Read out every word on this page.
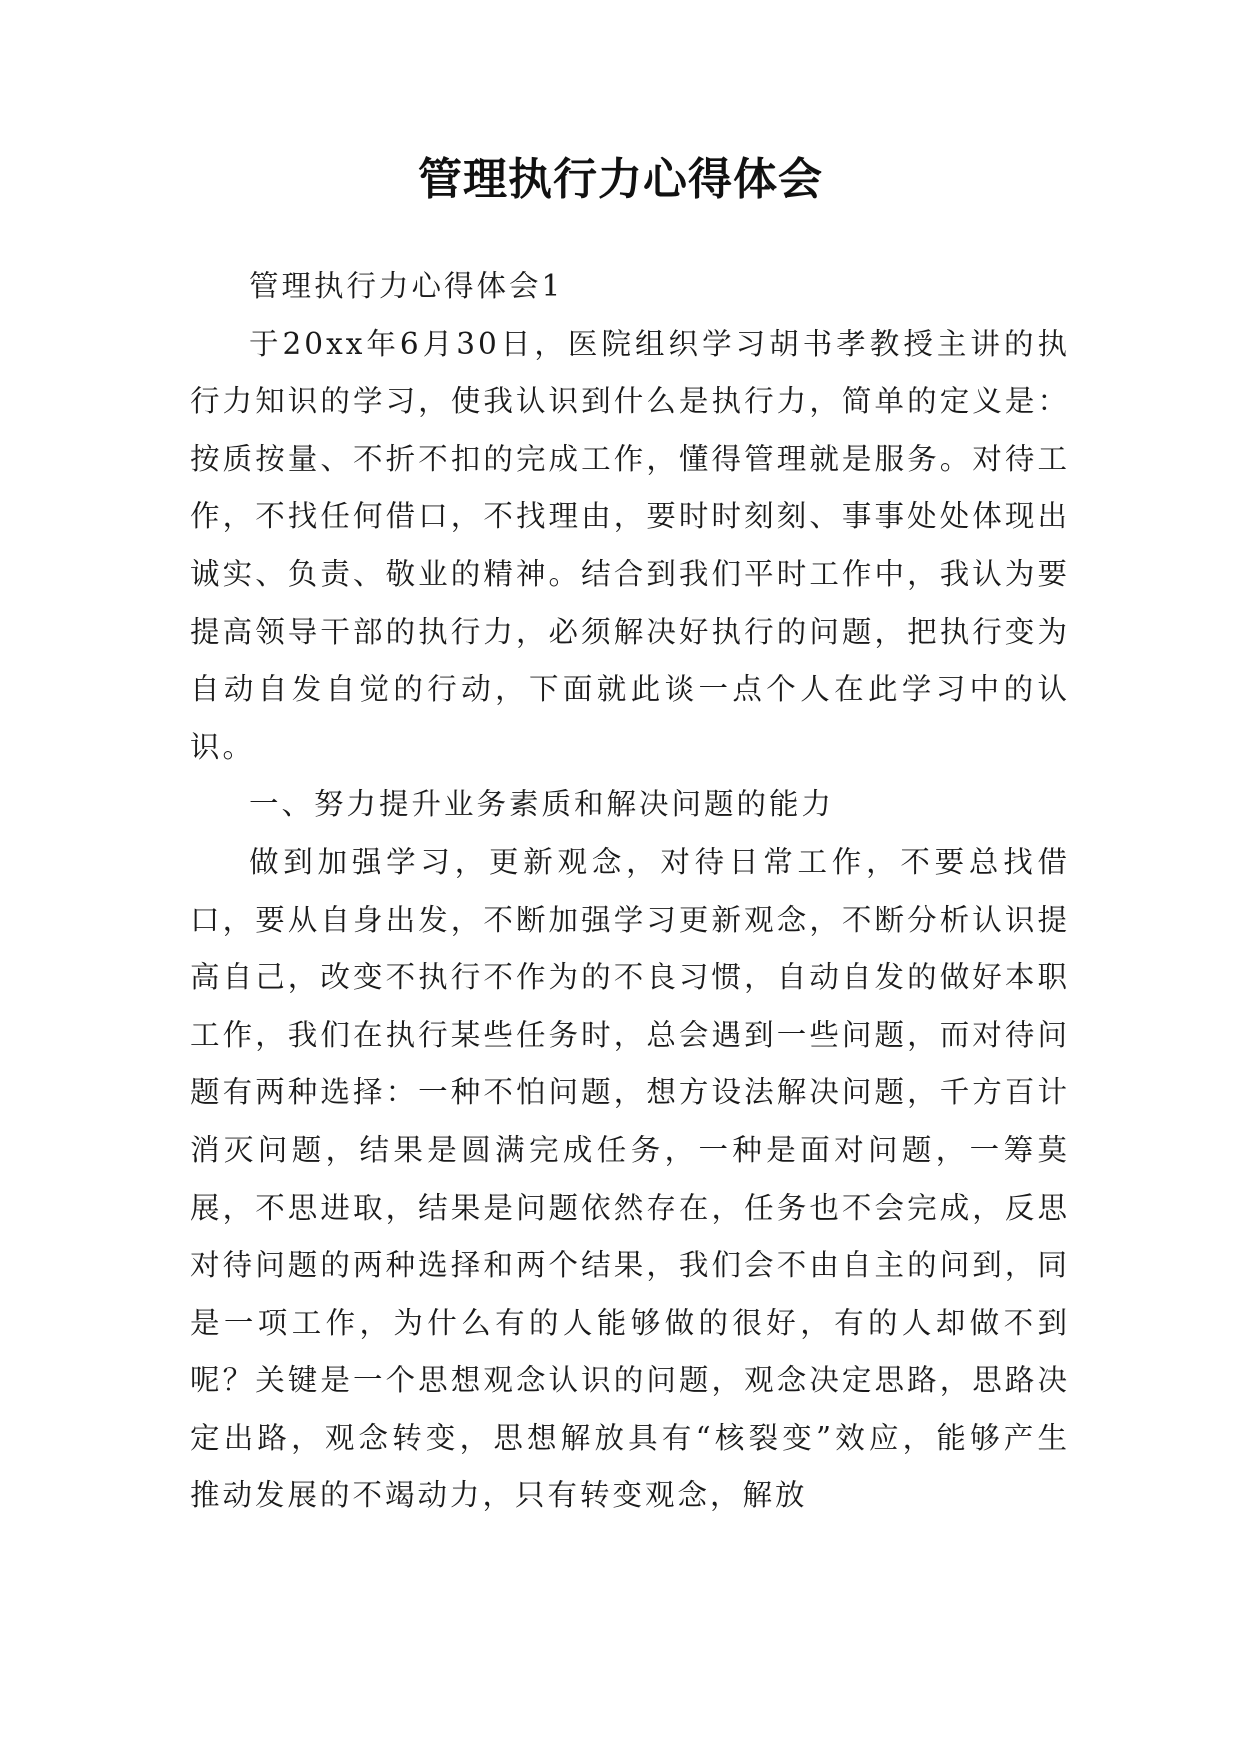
管理执行力心得体会

管理执行力心得体会1

于20xx年6月30日，医院组织学习胡书孝教授主讲的执行力知识的学习，使我认识到什么是执行力，简单的定义是：按质按量、不折不扣的完成工作，懂得管理就是服务。对待工作，不找任何借口，不找理由，要时时刻刻、事事处处体现出诚实、负责、敬业的精神。结合到我们平时工作中，我认为要提高领导干部的执行力，必须解决好执行的问题，把执行变为自动自发自觉的行动，下面就此谈一点个人在此学习中的认识。

一、努力提升业务素质和解决问题的能力

做到加强学习，更新观念，对待日常工作，不要总找借口，要从自身出发，不断加强学习更新观念，不断分析认识提高自己，改变不执行不作为的不良习惯，自动自发的做好本职工作，我们在执行某些任务时，总会遇到一些问题，而对待问题有两种选择：一种不怕问题，想方设法解决问题，千方百计消灭问题，结果是圆满完成任务，一种是面对问题，一筹莫展，不思进取，结果是问题依然存在，任务也不会完成，反思对待问题的两种选择和两个结果，我们会不由自主的问到，同是一项工作，为什么有的人能够做的很好，有的人却做不到呢？关键是一个思想观念认识的问题，观念决定思路，思路决定出路，观念转变，思想解放具有“核裂变”效应，能够产生推动发展的不竭动力，只有转变观念，解放
